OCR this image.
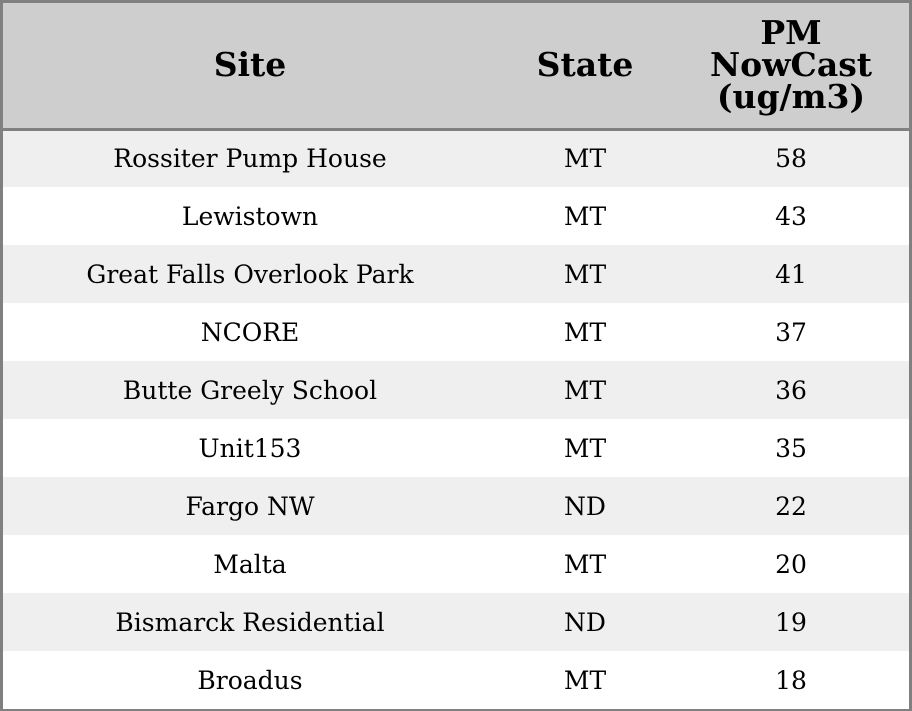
Site	State	PM
NowCast
(ug/m3)

Rossiter Pump House	MT	58
Lewistown	MT	43
Great Falls Overlook Park	MT	41
NCORE	MT	37
Butte Greely School	MT	36
Unit153	MT	35
Fargo NW	ND	22
Malta	MT	20
Bismarck Residential	ND	19
Broadus	MT	18
